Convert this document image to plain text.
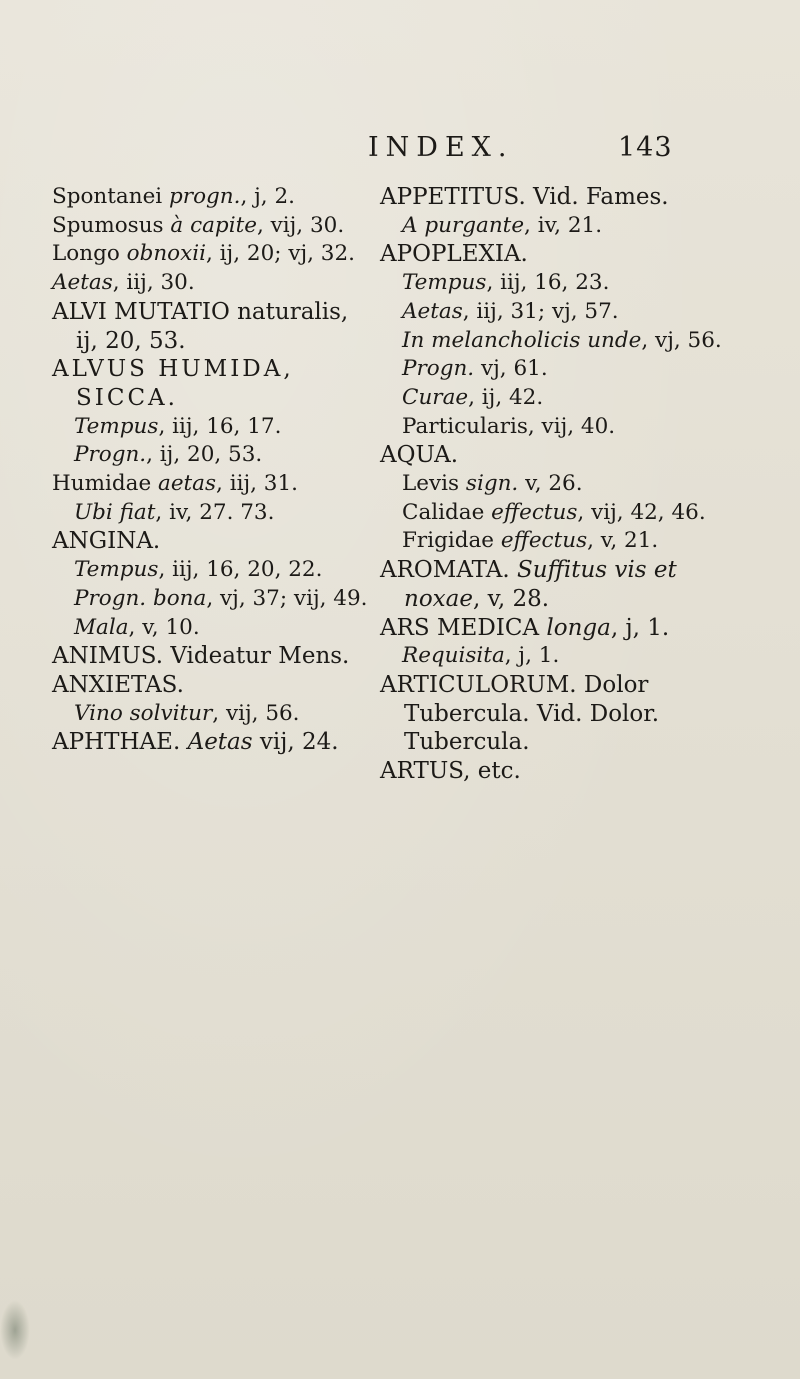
INDEX.	143

Spontanei progn., j, 2.

Spumosus à capite, vij, 30.

Longo obnoxii, ij, 20; vj, 32.

Aetas, iij, 30.

ALVI MUTATIO naturalis, ij, 20, 53.

ALVUS HUMIDA, SICCA.

Tempus, iij, 16, 17.

Progn., ij, 20, 53.

Humidae aetas, iij, 31.

Ubi fiat, iv, 27. 73.

ANGINA.

Tempus, iij, 16, 20, 22.

Progn. bona, vj, 37; vij, 49.

Mala, v, 10.

ANIMUS. Videatur Mens.

ANXIETAS.

Vino solvitur, vij, 56.

APHTHAE. Aetas vij, 24.

APPETITUS. Vid. Fames.

A purgante, iv, 21.

APOPLEXIA.

Tempus, iij, 16, 23.

Aetas, iij, 31; vj, 57.

In melancholicis unde, vj, 56.

Progn. vj, 61.

Curae, ij, 42.

Particularis, vij, 40.

AQUA.

Levis sign. v, 26.

Calidae effectus, vij, 42, 46.

Frigidae effectus, v, 21.

AROMATA. Suffitus vis et noxae, v, 28.

ARS MEDICA longa, j, 1.

Requisita, j, 1.

ARTICULORUM. Dolor Tubercula. Vid. Dolor. Tubercula.

ARTUS, etc.
